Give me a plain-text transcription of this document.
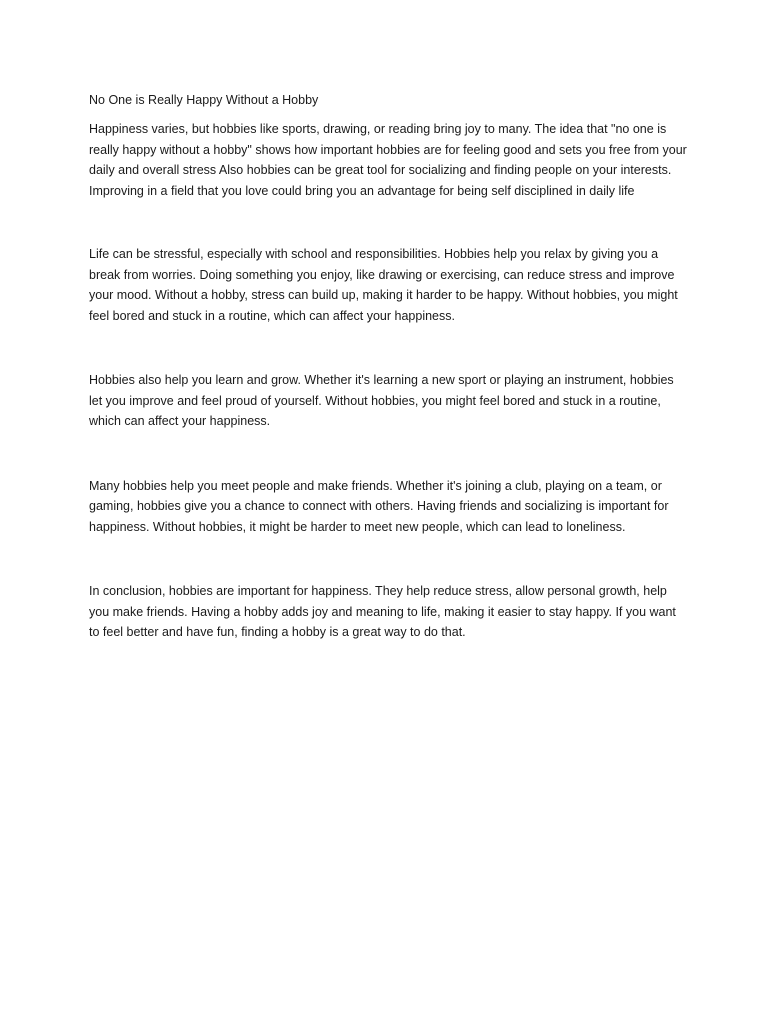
No One is Really Happy Without a Hobby

Happiness varies, but hobbies like sports, drawing, or reading bring joy to many. The idea that "no one is really happy without a hobby" shows how important hobbies are for feeling good and sets you free from your daily and overall stress Also hobbies can be great tool for socializing and finding people on your interests. Improving in a field that you love could bring you an advantage for being self disciplined in daily life

Life can be stressful, especially with school and responsibilities. Hobbies help you relax by giving you a break from worries. Doing something you enjoy, like drawing or exercising, can reduce stress and improve your mood. Without a hobby, stress can build up, making it harder to be happy. Without hobbies, you might feel bored and stuck in a routine, which can affect your happiness.

Hobbies also help you learn and grow. Whether it's learning a new sport or playing an instrument, hobbies let you improve and feel proud of yourself. Without hobbies, you might feel bored and stuck in a routine, which can affect your happiness.

Many hobbies help you meet people and make friends. Whether it's joining a club, playing on a team, or gaming, hobbies give you a chance to connect with others. Having friends and socializing is important for happiness. Without hobbies, it might be harder to meet new people, which can lead to loneliness.

In conclusion, hobbies are important for happiness. They help reduce stress, allow personal growth, help you make friends. Having a hobby adds joy and meaning to life, making it easier to stay happy. If you want to feel better and have fun, finding a hobby is a great way to do that.
